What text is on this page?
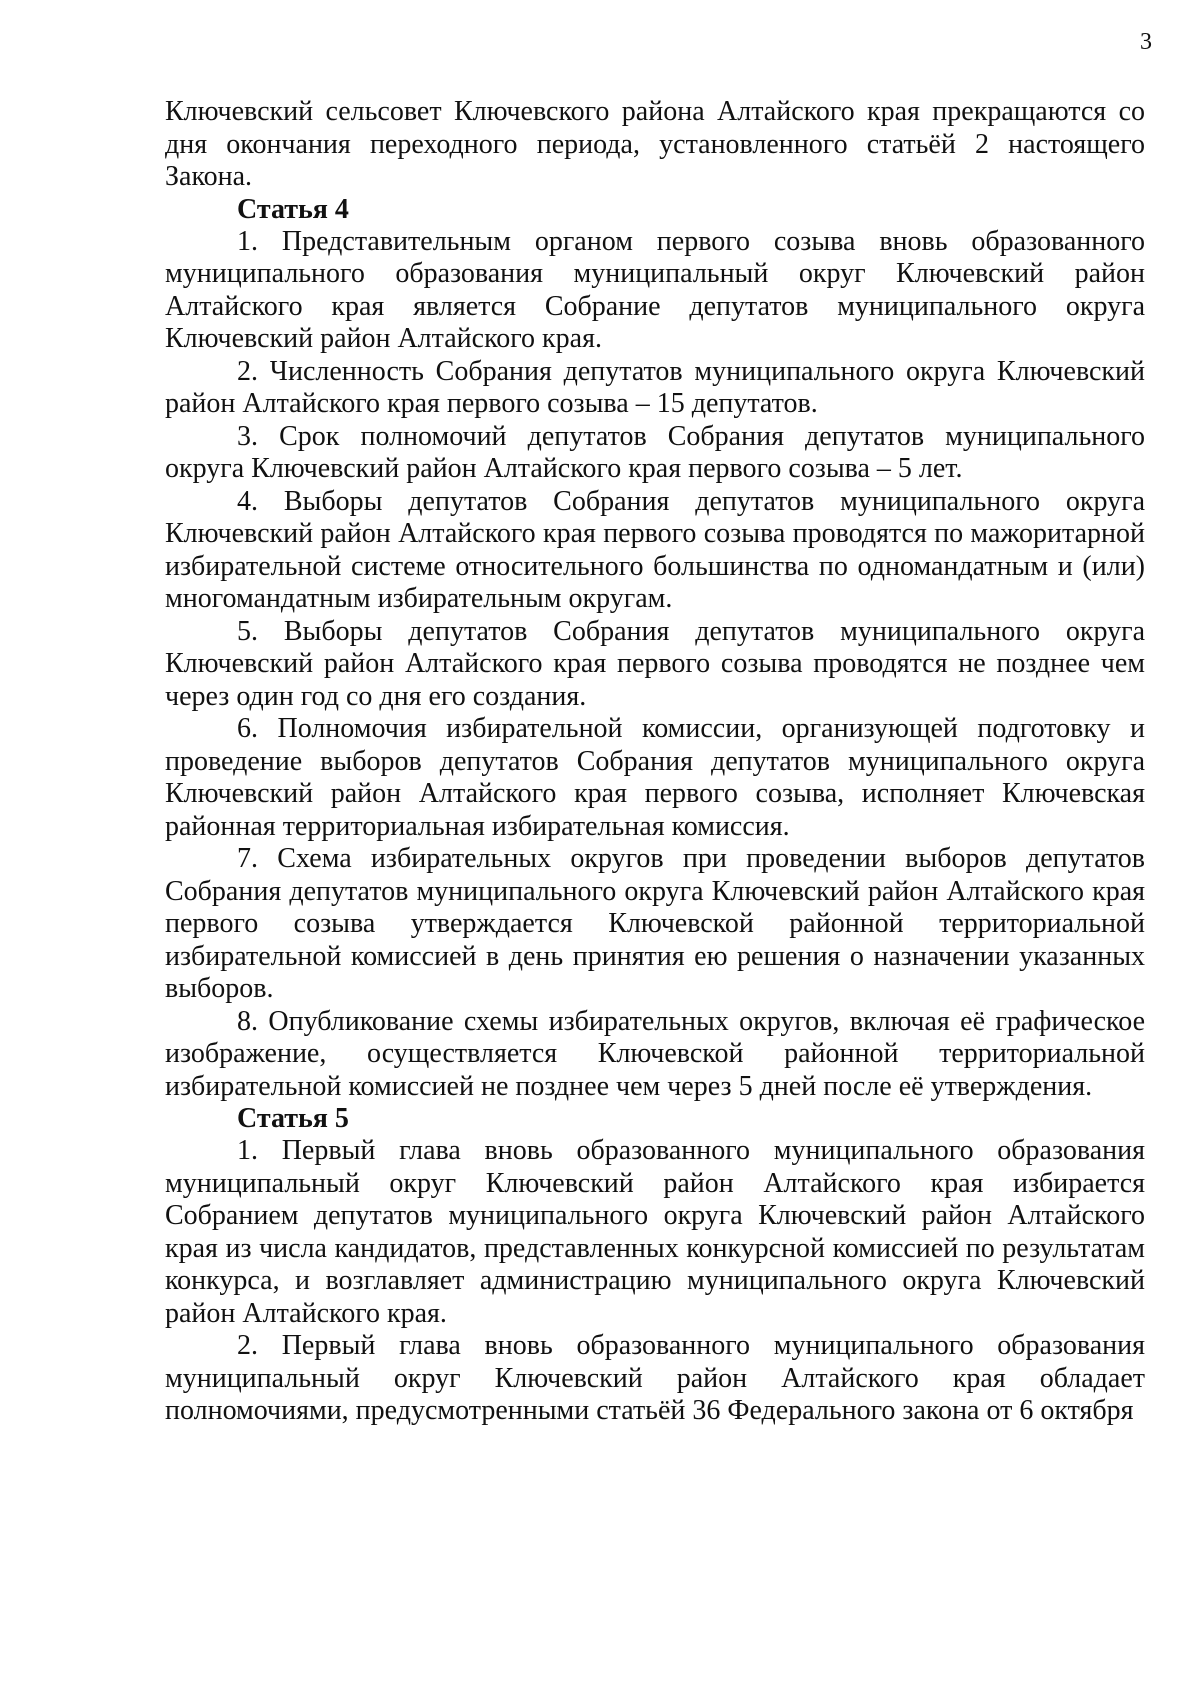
3

Ключевский сельсовет Ключевского района Алтайского края прекращаются со дня окончания переходного периода, установленного статьёй 2 настоящего Закона.

Статья 4

1. Представительным органом первого созыва вновь образованного муниципального образования муниципальный округ Ключевский район Алтайского края является Собрание депутатов муниципального округа Ключевский район Алтайского края.

2. Численность Собрания депутатов муниципального округа Ключевский район Алтайского края первого созыва – 15 депутатов.

3. Срок полномочий депутатов Собрания депутатов муниципального округа Ключевский район Алтайского края первого созыва – 5 лет.

4. Выборы депутатов Собрания депутатов муниципального округа Ключевский район Алтайского края первого созыва проводятся по мажоритарной избирательной системе относительного большинства по одномандатным и (или) многомандатным избирательным округам.

5. Выборы депутатов Собрания депутатов муниципального округа Ключевский район Алтайского края первого созыва проводятся не позднее чем через один год со дня его создания.

6. Полномочия избирательной комиссии, организующей подготовку и проведение выборов депутатов Собрания депутатов муниципального округа Ключевский район Алтайского края первого созыва, исполняет Ключевская районная территориальная избирательная комиссия.

7. Схема избирательных округов при проведении выборов депутатов Собрания депутатов муниципального округа Ключевский район Алтайского края первого созыва утверждается Ключевской районной территориальной избирательной комиссией в день принятия ею решения о назначении указанных выборов.

8. Опубликование схемы избирательных округов, включая её графическое изображение, осуществляется Ключевской районной территориальной избирательной комиссией не позднее чем через 5 дней после её утверждения.

Статья 5

1. Первый глава вновь образованного муниципального образования муниципальный округ Ключевский район Алтайского края избирается Собранием депутатов муниципального округа Ключевский район Алтайского края из числа кандидатов, представленных конкурсной комиссией по результатам конкурса, и возглавляет администрацию муниципального округа Ключевский район Алтайского края.

2. Первый глава вновь образованного муниципального образования муниципальный округ Ключевский район Алтайского края обладает полномочиями, предусмотренными статьёй 36 Федерального закона от 6 октября
